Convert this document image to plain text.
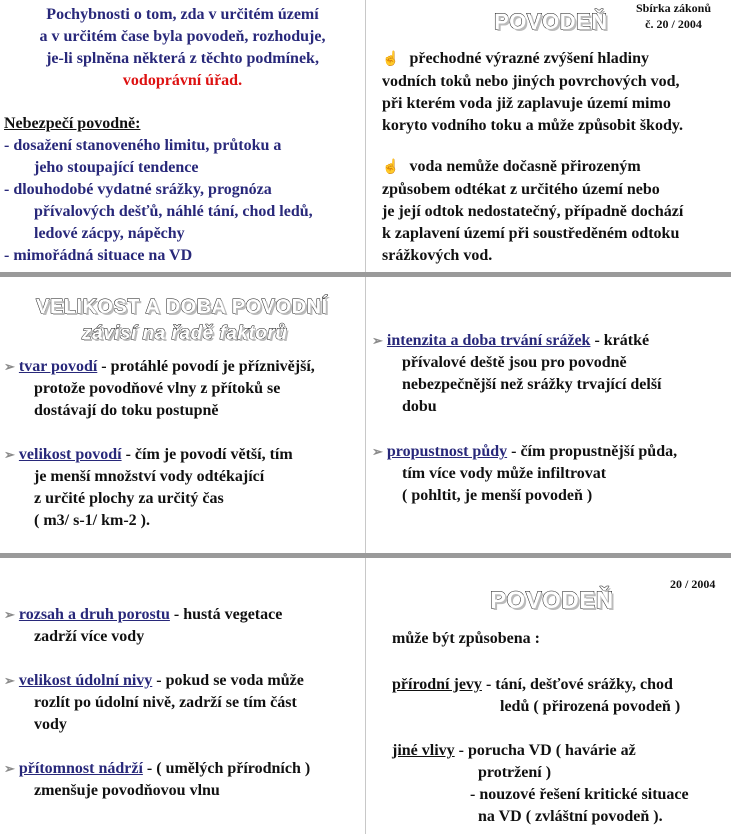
Pochybnosti o tom, zda v určitém území
a v určitém čase byla povodeň, rozhoduje,
je-li splněna některá z těchto podmínek,
vodoprávní úřad.
Nebezpečí povodně:
- dosažení stanoveného limitu, průtoku a
jeho stoupající tendence
- dlouhodobé vydatné srážky, prognóza
přívalových dešťů, náhlé tání, chod ledů,
ledové zácpy, nápěchy
- mimořádná situace na VD
POVODEŇ
Sbírka zákonů
č. 20 / 2004
☝ přechodné výrazné zvýšení hladiny
vodních toků nebo jiných povrchových vod,
při kterém voda již zaplavuje území mimo
koryto vodního toku a může způsobit škody.
☝ voda nemůže dočasně přirozeným
způsobem odtékat z určitého území nebo
je její odtok nedostatečný, případně dochází
k zaplavení území při soustředěném odtoku
srážkových vod.
VELIKOST A DOBA POVODNÍ
závisí na řadě faktorů
➢ tvar povodí - protáhlé povodí je příznivější,
protože povodňové vlny z přítoků se
dostávají do toku postupně
➢ velikost povodí - čím je povodí větší, tím
je menší množství vody odtékající
z určité plochy za určitý čas
( m3/ s-1/ km-2 ).
➢ intenzita a doba trvání srážek - krátké
přívalové deště jsou pro povodně
nebezpečnější než srážky trvající delší
dobu
➢ propustnost půdy - čím propustnější půda,
tím více vody může infiltrovat
( pohltit, je menší povodeň )
➢ rozsah a druh porostu - hustá vegetace
zadrží více vody
➢ velikost údolní nivy - pokud se voda může
rozlít po údolní nivě, zadrží se tím část
vody
➢ přítomnost nádrží - ( umělých přírodních )
zmenšuje povodňovou vlnu
20 / 2004
POVODEŇ
může být způsobena :
přírodní jevy - tání, dešťové srážky, chod
ledů ( přirozená povodeň )
jiné vlivy - porucha VD ( havárie až
protržení )
- nouzové řešení kritické situace
na VD ( zvláštní povodeň ).
